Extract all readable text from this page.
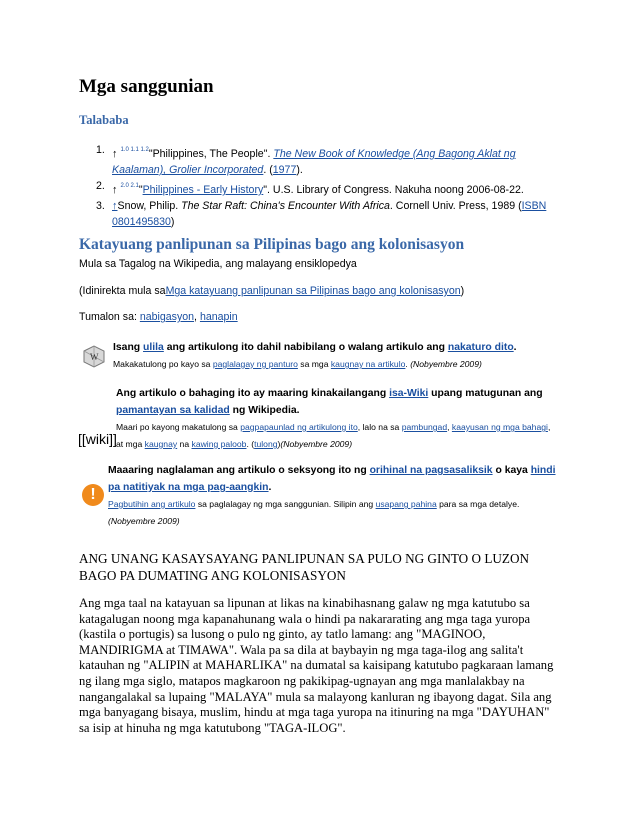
Mga sanggunian
Talababa
1. ↑ $^{1.0 1.1 1.2}$"Philippines, The People". The New Book of Knowledge (Ang Bagong Aklat ng Kaalaman), Grolier Incorporated. (1977).
2. ↑ $^{2.0 2.1}$"Philippines - Early History". U.S. Library of Congress. Nakuha noong 2006-08-22.
3. ↑Snow, Philip. The Star Raft: China's Encounter With Africa. Cornell Univ. Press, 1989 (ISBN 0801495830)
Katayuang panlipunan sa Pilipinas bago ang kolonisasyon

Mula sa Tagalog na Wikipedia, ang malayang ensiklopedya

(Idinirekta mula saMga katayuang panlipunan sa Pilipinas bago ang kolonisasyon)

Tumalon sa: nabigasyon, hanapin

W
Isang ulila ang artikulong ito dahil nabibilang o walang artikulo ang nakaturo dito.
Makakatulong po kayo sa paglalagay ng panturo sa mga kaugnay na artikulo. (Nobyembre 2009)
[[wiki]]
Ang artikulo o bahaging ito ay maaring kinakailangang isa-Wiki upang matugunan ang
pamantayan sa kalidad ng Wikipedia.
Maari po kayong makatulong sa pagpapaunlad ng artikulong ito, lalo na sa pambungad, kaayusan ng mga bahagi, at mga kaugnay na kawing paloob. (tulong)(Nobyembre 2009)
!
Maaaring naglalaman ang artikulo o seksyong ito ng orihinal na pagsasaliksik o kaya hindi pa natitiyak na mga pag-aangkin.
Pagbutihin ang artikulo sa paglalagay ng mga sanggunian. Silipin ang usapang pahina para sa mga detalye.
(Nobyembre 2009)

ANG UNANG KASAYSAYANG PANLIPUNAN SA PULO NG GINTO O LUZON BAGO PA DUMATING ANG KOLONISASYON

Ang mga taal na katayuan sa lipunan at likas na kinabihasnang galaw ng mga katutubo sa katagalugan noong mga kapanahunang wala o hindi pa nakararating ang mga taga yuropa (kastila o portugis) sa lusong o pulo ng ginto, ay tatlo lamang: ang "MAGINOO, MANDIRIGMA at TIMAWA". Wala pa sa dila at baybayin ng mga taga-ilog ang salita't katauhan ng "ALIPIN at MAHARLIKA" na dumatal sa kaisipang katutubo pagkaraan lamang ng ilang mga siglo, matapos magkaroon ng pakikipag-ugnayan ang mga manlalakbay na nangangalakal sa lupaing "MALAYA" mula sa malayong kanluran ng ibayong dagat. Sila ang mga banyagang bisaya, muslim, hindu at mga taga yuropa na itinuring na mga "DAYUHAN" sa isip at hinuha ng mga katutubong "TAGA-ILOG".
